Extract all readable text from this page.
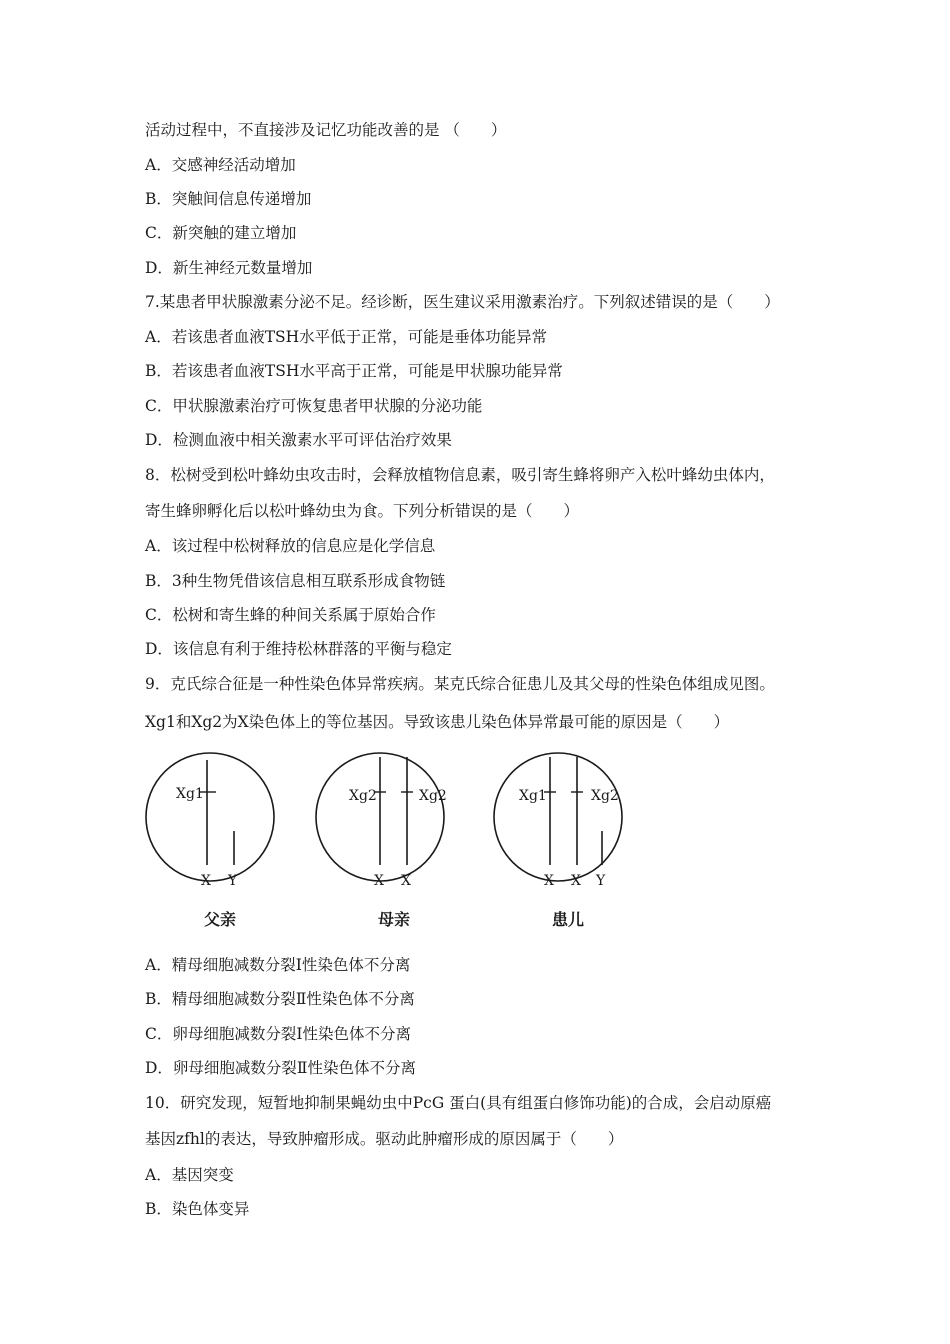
活动过程中，不直接涉及记忆功能改善的是 （　　）
A．交感神经活动增加
B．突触间信息传递增加
C．新突触的建立增加
D．新生神经元数量增加
7.某患者甲状腺激素分泌不足。经诊断，医生建议采用激素治疗。下列叙述错误的是（　　）
A．若该患者血液TSH水平低于正常，可能是垂体功能异常
B．若该患者血液TSH水平高于正常，可能是甲状腺功能异常
C．甲状腺激素治疗可恢复患者甲状腺的分泌功能
D．检测血液中相关激素水平可评估治疗效果
8．松树受到松叶蜂幼虫攻击时，会释放植物信息素，吸引寄生蜂将卵产入松叶蜂幼虫体内，
寄生蜂卵孵化后以松叶蜂幼虫为食。下列分析错误的是（　　）
A．该过程中松树释放的信息应是化学信息
B．3种生物凭借该信息相互联系形成食物链
C．松树和寄生蜂的种间关系属于原始合作
D．该信息有利于维持松林群落的平衡与稳定
9．克氏综合征是一种性染色体异常疾病。某克氏综合征患儿及其父母的性染色体组成见图。
Xg1和Xg2为X染色体上的等位基因。导致该患儿染色体异常最可能的原因是（　　）
Xg1
X Y
父亲
Xg2	Xg2
X X
母亲
Xg1	Xg2
X X Y
患儿
A．精母细胞减数分裂Ⅰ性染色体不分离
B．精母细胞减数分裂Ⅱ性染色体不分离
C．卵母细胞减数分裂Ⅰ性染色体不分离
D．卵母细胞减数分裂Ⅱ性染色体不分离
10．研究发现，短暂地抑制果蝇幼虫中PcG 蛋白(具有组蛋白修饰功能)的合成，会启动原癌
基因zfhl的表达，导致肿瘤形成。驱动此肿瘤形成的原因属于（　　）
A．基因突变
B．染色体变异
